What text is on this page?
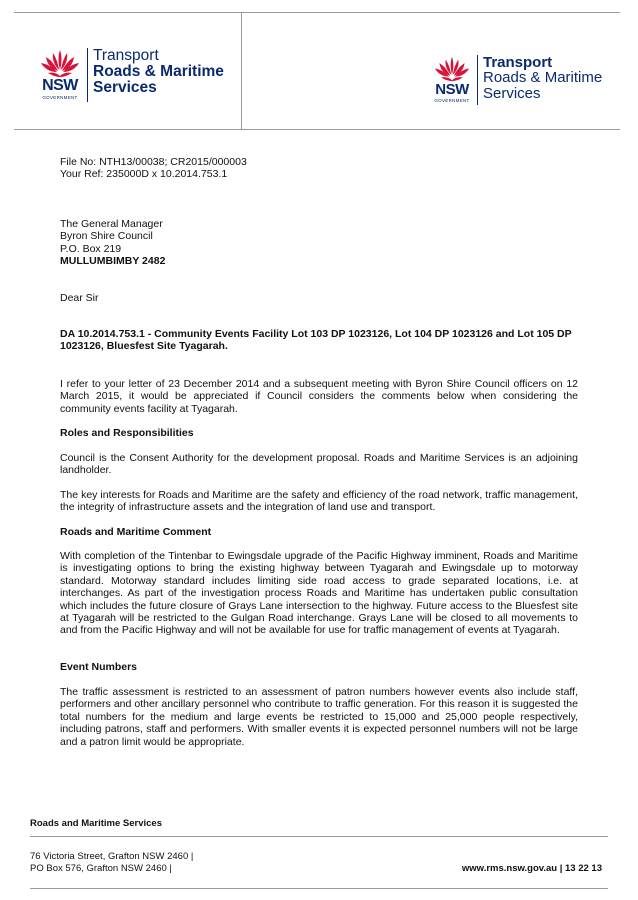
NSW
GOVERNMENT
Transport
Roads & Maritime
Services	NSW
GOVERNMENT
Transport
Roads & Maritime
Services
File No: NTH13/00038; CR2015/000003
Your Ref: 235000D x 10.2014.753.1
The General Manager
Byron Shire Council
P.O. Box 219
MULLUMBIMBY 2482
Dear Sir
DA 10.2014.753.1 - Community Events Facility Lot 103 DP 1023126, Lot 104 DP 1023126 and Lot 105 DP 1023126, Bluesfest Site Tyagarah.
I refer to your letter of 23 December 2014 and a subsequent meeting with Byron Shire Council officers on 12 March 2015, it would be appreciated if Council considers the comments below when considering the community events facility at Tyagarah.
Roles and Responsibilities
Council is the Consent Authority for the development proposal. Roads and Maritime Services is an adjoining landholder.
The key interests for Roads and Maritime are the safety and efficiency of the road network, traffic management, the integrity of infrastructure assets and the integration of land use and transport.
Roads and Maritime Comment
With completion of the Tintenbar to Ewingsdale upgrade of the Pacific Highway imminent, Roads and Maritime is investigating options to bring the existing highway between Tyagarah and Ewingsdale up to motorway standard. Motorway standard includes limiting side road access to grade separated locations, i.e. at interchanges. As part of the investigation process Roads and Maritime has undertaken public consultation which includes the future closure of Grays Lane intersection to the highway. Future access to the Bluesfest site at Tyagarah will be restricted to the Gulgan Road interchange. Grays Lane will be closed to all movements to and from the Pacific Highway and will not be available for use for traffic management of events at Tyagarah.
Event Numbers
The traffic assessment is restricted to an assessment of patron numbers however events also include staff, performers and other ancillary personnel who contribute to traffic generation. For this reason it is suggested the total numbers for the medium and large events be restricted to 15,000 and 25,000 people respectively, including patrons, staff and performers. With smaller events it is expected personnel numbers will not be large and a patron limit would be appropriate.
Roads and Maritime Services
76 Victoria Street, Grafton NSW 2460 |
PO Box 576, Grafton NSW 2460 |	www.rms.nsw.gov.au | 13 22 13
